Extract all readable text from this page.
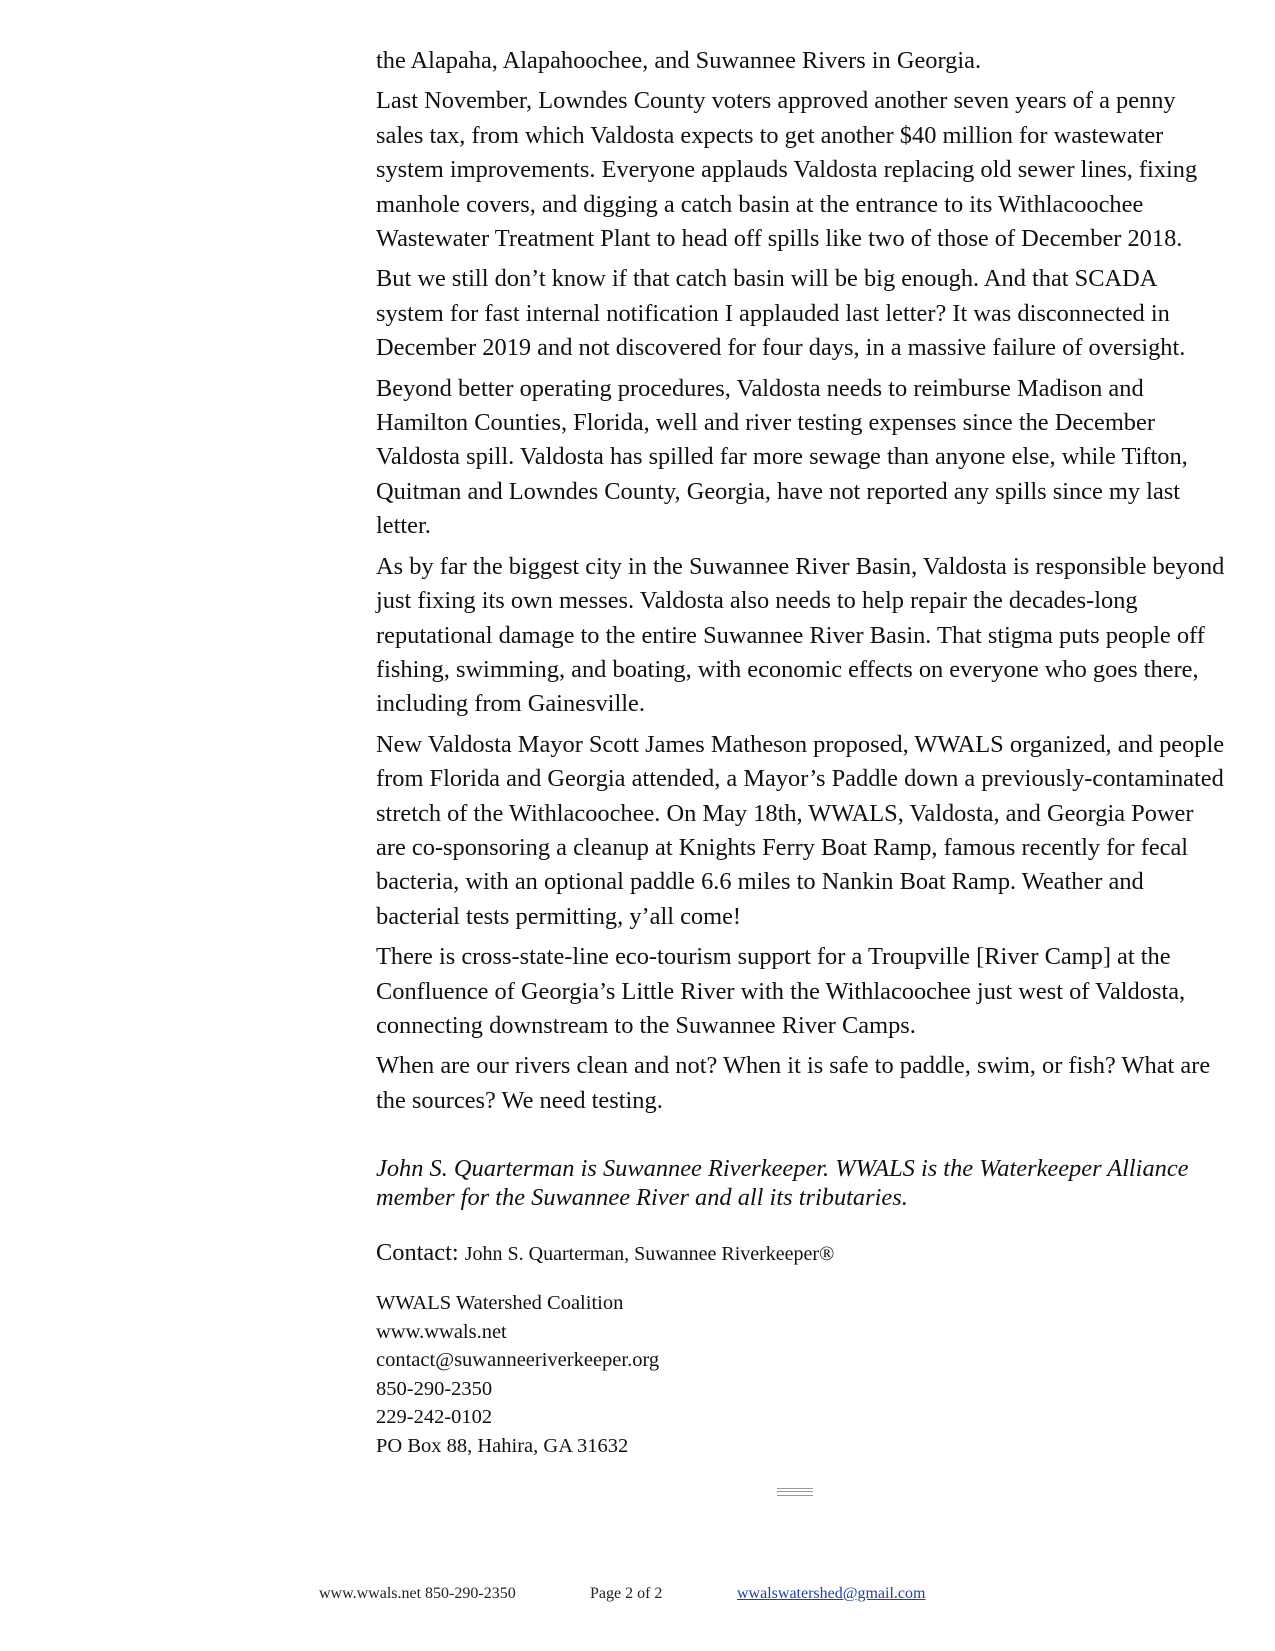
the Alapaha, Alapahoochee, and Suwannee Rivers in Georgia.

Last November, Lowndes County voters approved another seven years of a penny sales tax, from which Valdosta expects to get another $40 million for wastewater system improvements. Everyone applauds Valdosta replacing old sewer lines, fixing manhole covers, and digging a catch basin at the entrance to its Withlacoochee Wastewater Treatment Plant to head off spills like two of those of December 2018.

But we still don’t know if that catch basin will be big enough. And that SCADA system for fast internal notification I applauded last letter? It was disconnected in December 2019 and not discovered for four days, in a massive failure of oversight.

Beyond better operating procedures, Valdosta needs to reimburse Madison and Hamilton Counties, Florida, well and river testing expenses since the December Valdosta spill. Valdosta has spilled far more sewage than anyone else, while Tifton, Quitman and Lowndes County, Georgia, have not reported any spills since my last letter.

As by far the biggest city in the Suwannee River Basin, Valdosta is responsible beyond just fixing its own messes. Valdosta also needs to help repair the decades-long reputational damage to the entire Suwannee River Basin. That stigma puts people off fishing, swimming, and boating, with economic effects on everyone who goes there, including from Gainesville.

New Valdosta Mayor Scott James Matheson proposed, WWALS organized, and people from Florida and Georgia attended, a Mayor’s Paddle down a previously-contaminated stretch of the Withlacoochee. On May 18th, WWALS, Valdosta, and Georgia Power are co-sponsoring a cleanup at Knights Ferry Boat Ramp, famous recently for fecal bacteria, with an optional paddle 6.6 miles to Nankin Boat Ramp. Weather and bacterial tests permitting, y’all come!

There is cross-state-line eco-tourism support for a Troupville [River Camp] at the Confluence of Georgia’s Little River with the Withlacoochee just west of Valdosta, connecting downstream to the Suwannee River Camps.

When are our rivers clean and not? When it is safe to paddle, swim, or fish? What are the sources? We need testing.

John S. Quarterman is Suwannee Riverkeeper. WWALS is the Waterkeeper Alliance member for the Suwannee River and all its tributaries.

Contact: John S. Quarterman, Suwannee Riverkeeper®

WWALS Watershed Coalition
www.wwals.net
contact@suwanneeriverkeeper.org
850-290-2350
229-242-0102
PO Box 88, Hahira, GA 31632
www.wwals.net 850-290-2350	Page 2 of 2	wwalswatershed@gmail.com
